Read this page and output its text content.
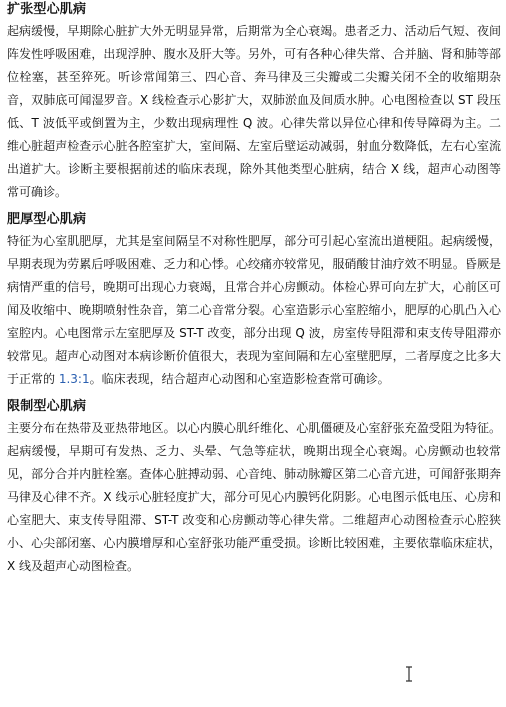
扩张型心肌病

起病缓慢，早期除心脏扩大外无明显异常，后期常为全心衰竭。患者乏力、活动后气短、夜间阵发性呼吸困难，出现浮肿、腹水及肝大等。另外，可有各种心律失常、合并脑、肾和肺等部位栓塞，甚至猝死。听诊常闻第三、四心音、奔马律及三尖瓣或二尖瓣关闭不全的收缩期杂音，双肺底可闻湿罗音。X 线检查示心影扩大，双肺淤血及间质水肿。心电图检查以 ST 段压低、T 波低平或倒置为主，少数出现病理性 Q 波。心律失常以异位心律和传导障碍为主。二维心脏超声检查示心脏各腔室扩大，室间隔、左室后壁运动减弱，射血分数降低，左右心室流出道扩大。诊断主要根据前述的临床表现，除外其他类型心脏病，结合 X 线，超声心动图等常可确诊。

肥厚型心肌病

特征为心室肌肥厚，尤其是室间隔呈不对称性肥厚，部分可引起心室流出道梗阻。起病缓慢，早期表现为劳累后呼吸困难、乏力和心悸。心绞痛亦较常见，服硝酸甘油疗效不明显。昏厥是病情严重的信号，晚期可出现心力衰竭，且常合并心房颤动。体检心界可向左扩大，心前区可闻及收缩中、晚期喷射性杂音，第二心音常分裂。心室造影示心室腔缩小，肥厚的心肌凸入心室腔内。心电图常示左室肥厚及 ST-T 改变，部分出现 Q 波，房室传导阻滞和束支传导阻滞亦较常见。超声心动图对本病诊断价值很大，表现为室间隔和左心室壁肥厚，二者厚度之比多大于正常的 1.3:1。临床表现，结合超声心动图和心室造影检查常可确诊。

限制型心肌病

主要分布在热带及亚热带地区。以心内膜心肌纤维化、心肌僵硬及心室舒张充盈受阻为特征。起病缓慢，早期可有发热、乏力、头晕、气急等症状，晚期出现全心衰竭。心房颤动也较常见，部分合并内脏栓塞。查体心脏搏动弱、心音纯、肺动脉瓣区第二心音亢进，可闻舒张期奔马律及心律不齐。X 线示心脏轻度扩大，部分可见心内膜钙化阴影。心电图示低电压、心房和心室肥大、束支传导阻滞、ST-T 改变和心房颤动等心律失常。二维超声心动图检查示心腔狭小、心尖部闭塞、心内膜增厚和心室舒张功能严重受损。诊断比较困难，主要依靠临床症状，X 线及超声心动图检查。
